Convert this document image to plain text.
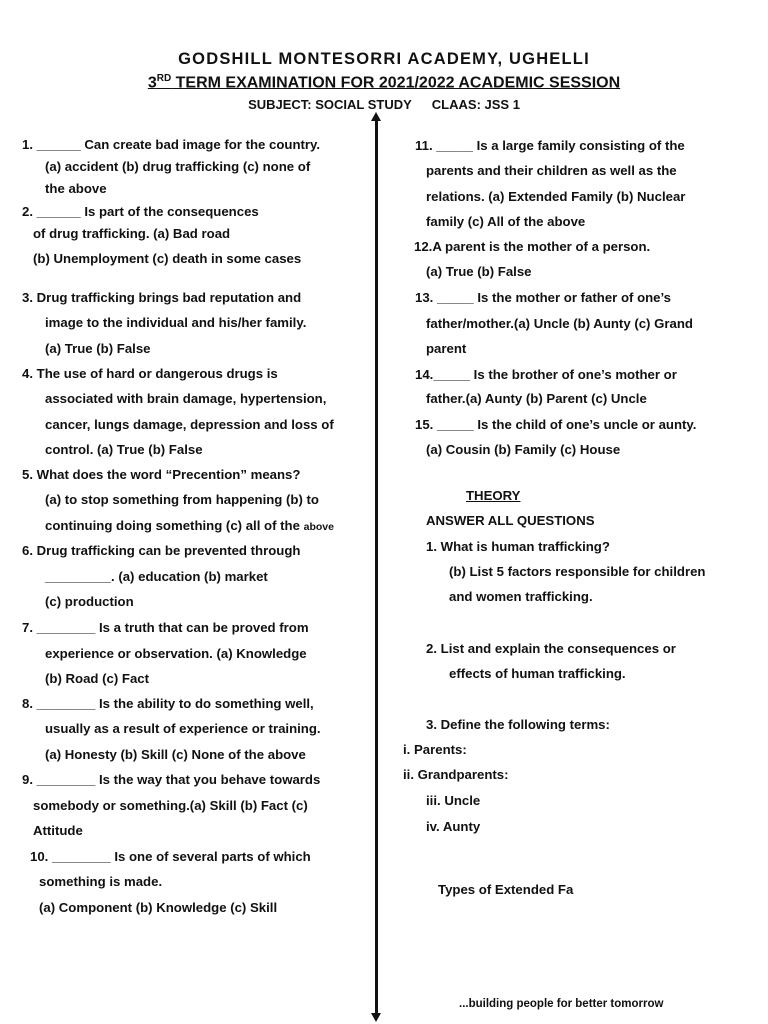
GODSHILL MONTESORRI ACADEMY, UGHELLI
3RD TERM EXAMINATION FOR 2021/2022 ACADEMIC SESSION
SUBJECT: SOCIAL STUDY CLAAS: JSS 1
1. ______ Can create bad image for the country.
(a) accident (b) drug trafficking (c) none of
the above
2. ______ Is part of the consequences
of drug trafficking. (a) Bad road
(b) Unemployment (c) death in some cases
3. Drug trafficking brings bad reputation and
image to the individual and his/her family.
(a) True (b) False
4. The use of hard or dangerous drugs is
associated with brain damage, hypertension,
cancer, lungs damage, depression and loss of
control. (a) True (b) False
5. What does the word “Precention” means?
(a) to stop something from happening (b) to
continuing doing something (c) all of the above
6. Drug trafficking can be prevented through
_________. (a) education (b) market
(c) production
7. ________ Is a truth that can be proved from
experience or observation. (a) Knowledge
(b) Road (c) Fact
8. ________ Is the ability to do something well,
usually as a result of experience or training.
(a) Honesty (b) Skill (c) None of the above
9. ________ Is the way that you behave towards
somebody or something.(a) Skill (b) Fact (c)
Attitude
10. ________ Is one of several parts of which
something is made.
(a) Component (b) Knowledge (c) Skill
11. _____ Is a large family consisting of the
parents and their children as well as the
relations. (a) Extended Family (b) Nuclear
family (c) All of the above
12.A parent is the mother of a person.
(a) True (b) False
13. _____ Is the mother or father of one’s
father/mother.(a) Uncle (b) Aunty (c) Grand
parent
14._____ Is the brother of one’s mother or
father.(a) Aunty (b) Parent (c) Uncle
15. _____ Is the child of one’s uncle or aunty.
(a) Cousin (b) Family (c) House
THEORY
ANSWER ALL QUESTIONS
1. What is human trafficking?
(b) List 5 factors responsible for children
and women trafficking.
2. List and explain the consequences or
effects of human trafficking.
3. Define the following terms:
i. Parents:
ii. Grandparents:
iii. Uncle
iv. Aunty
Types of Extended Fa
...building people for better tomorrow
